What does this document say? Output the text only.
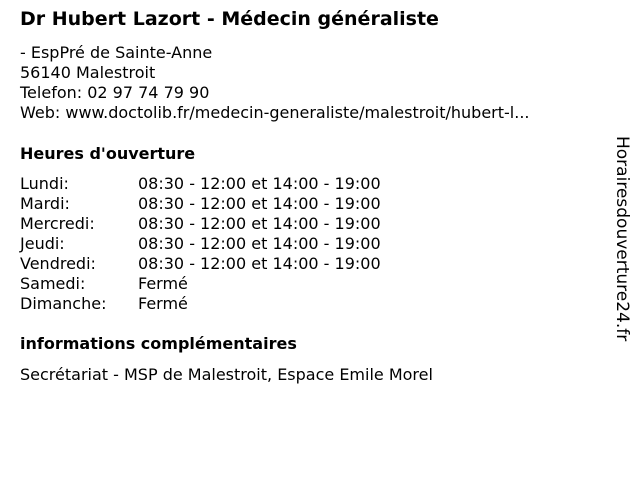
Dr Hubert Lazort - Médecin généraliste
- EspPré de Sainte-Anne
56140 Malestroit
Telefon: 02 97 74 79 90
Web: www.doctolib.fr/medecin-generaliste/malestroit/hubert-l...
Heures d'ouverture
Lundi:	08:30 - 12:00 et 14:00 - 19:00
Mardi:	08:30 - 12:00 et 14:00 - 19:00
Mercredi:	08:30 - 12:00 et 14:00 - 19:00
Jeudi:	08:30 - 12:00 et 14:00 - 19:00
Vendredi:	08:30 - 12:00 et 14:00 - 19:00
Samedi:	Fermé
Dimanche:	Fermé
informations complémentaires
Secrétariat - MSP de Malestroit, Espace Emile Morel
Horairesdouverture24.fr
